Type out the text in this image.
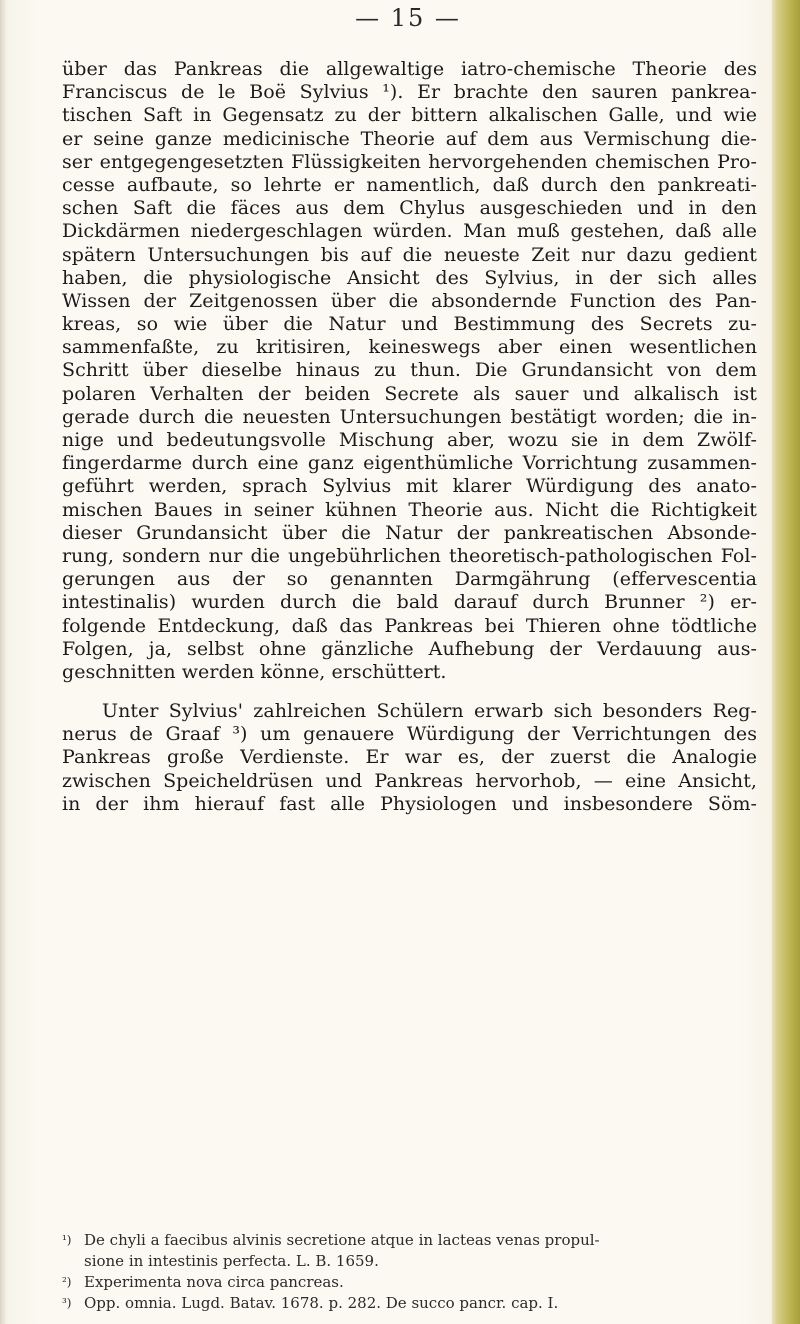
— 15 —
über das Pankreas die allgewaltige iatro-chemische Theorie des
Franciscus de le Boë Sylvius ¹). Er brachte den sauren pankrea-
tischen Saft in Gegensatz zu der bittern alkalischen Galle, und wie
er seine ganze medicinische Theorie auf dem aus Vermischung die-
ser entgegengesetzten Flüssigkeiten hervorgehenden chemischen Pro-
cesse aufbaute, so lehrte er namentlich, daß durch den pankreati-
schen Saft die fäces aus dem Chylus ausgeschieden und in den
Dickdärmen niedergeschlagen würden. Man muß gestehen, daß alle
spätern Untersuchungen bis auf die neueste Zeit nur dazu gedient
haben, die physiologische Ansicht des Sylvius, in der sich alles
Wissen der Zeitgenossen über die absondernde Function des Pan-
kreas, so wie über die Natur und Bestimmung des Secrets zu-
sammenfaßte, zu kritisiren, keineswegs aber einen wesentlichen
Schritt über dieselbe hinaus zu thun. Die Grundansicht von dem
polaren Verhalten der beiden Secrete als sauer und alkalisch ist
gerade durch die neuesten Untersuchungen bestätigt worden; die in-
nige und bedeutungsvolle Mischung aber, wozu sie in dem Zwölf-
fingerdarme durch eine ganz eigenthümliche Vorrichtung zusammen-
geführt werden, sprach Sylvius mit klarer Würdigung des anato-
mischen Baues in seiner kühnen Theorie aus. Nicht die Richtigkeit
dieser Grundansicht über die Natur der pankreatischen Absonde-
rung, sondern nur die ungebührlichen theoretisch-pathologischen Fol-
gerungen aus der so genannten Darmgährung (effervescentia
intestinalis) wurden durch die bald darauf durch Brunner ²) er-
folgende Entdeckung, daß das Pankreas bei Thieren ohne tödtliche
Folgen, ja, selbst ohne gänzliche Aufhebung der Verdauung aus-
geschnitten werden könne, erschüttert.
Unter Sylvius' zahlreichen Schülern erwarb sich besonders Reg-
nerus de Graaf ³) um genauere Würdigung der Verrichtungen des
Pankreas große Verdienste. Er war es, der zuerst die Analogie
zwischen Speicheldrüsen und Pankreas hervorhob, — eine Ansicht,
in der ihm hierauf fast alle Physiologen und insbesondere Söm-
¹) De chyli a faecibus alvinis secretione atque in lacteas venas propul-
sione in intestinis perfecta. L. B. 1659.
²) Experimenta nova circa pancreas.
³) Opp. omnia. Lugd. Batav. 1678. p. 282. De succo pancr. cap. I.
